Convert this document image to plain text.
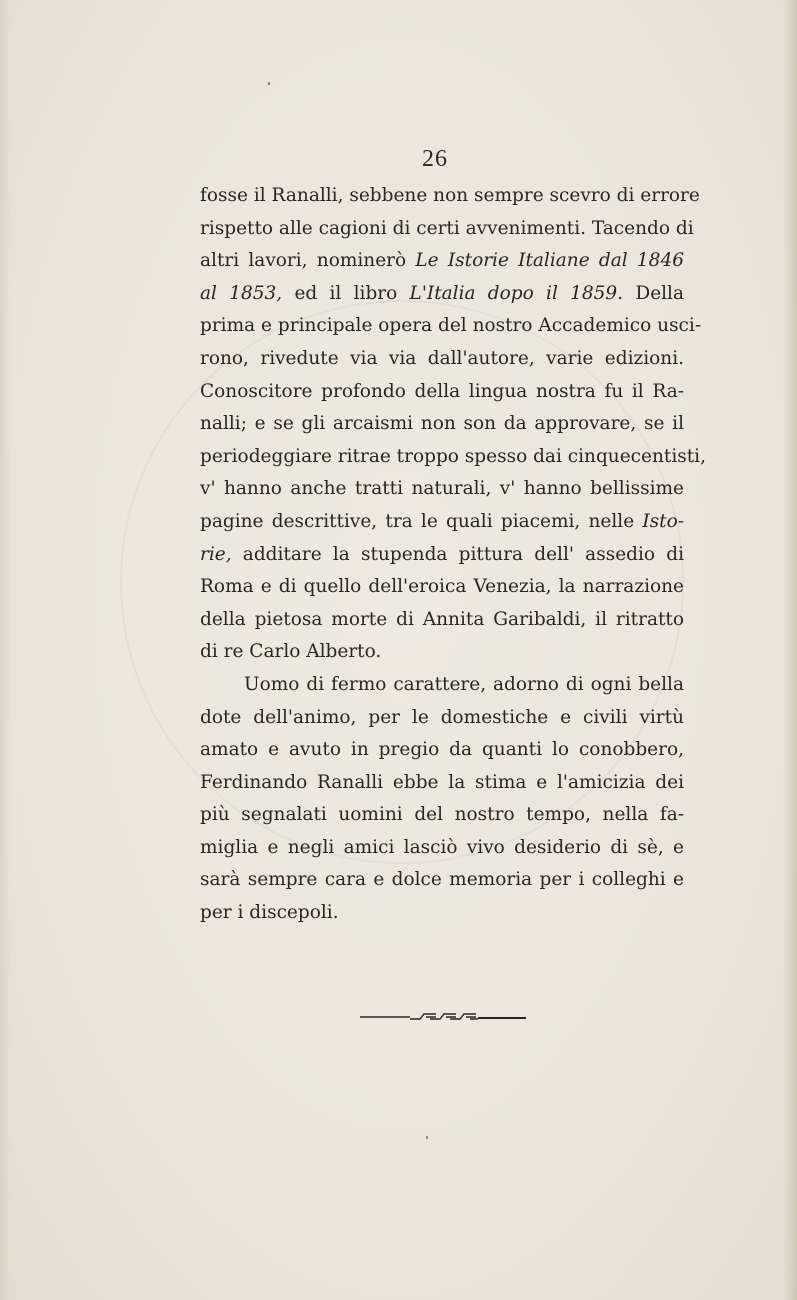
26
fosse il Ranalli, sebbene non sempre scevro di errore
rispetto alle cagioni di certi avvenimenti. Tacendo di
altri lavori, nominerò Le Istorie Italiane dal 1846
al 1853, ed il libro L'Italia dopo il 1859. Della
prima e principale opera del nostro Accademico usci-
rono, rivedute via via dall'autore, varie edizioni.
Conoscitore profondo della lingua nostra fu il Ra-
nalli; e se gli arcaismi non son da approvare, se il
periodeggiare ritrae troppo spesso dai cinquecentisti,
v' hanno anche tratti naturali, v' hanno bellissime
pagine descrittive, tra le quali piacemi, nelle Isto-
rie, additare la stupenda pittura dell' assedio di
Roma e di quello dell'eroica Venezia, la narrazione
della pietosa morte di Annita Garibaldi, il ritratto
di re Carlo Alberto.
Uomo di fermo carattere, adorno di ogni bella
dote dell'animo, per le domestiche e civili virtù
amato e avuto in pregio da quanti lo conobbero,
Ferdinando Ranalli ebbe la stima e l'amicizia dei
più segnalati uomini del nostro tempo, nella fa-
miglia e negli amici lasciò vivo desiderio di sè, e
sarà sempre cara e dolce memoria per i colleghi e
per i discepoli.
